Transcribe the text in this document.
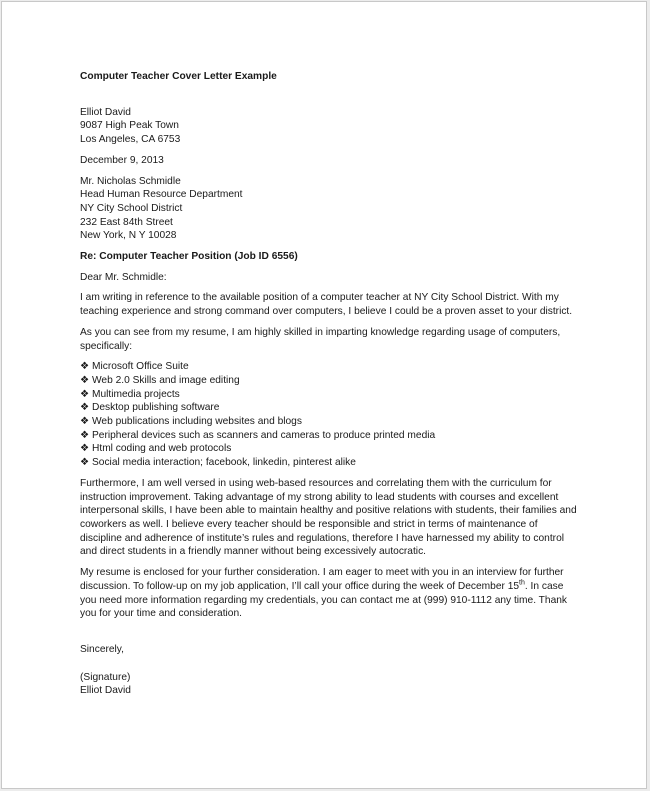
Computer Teacher Cover Letter Example
Elliot David
9087 High Peak Town
Los Angeles, CA 6753
December 9, 2013
Mr. Nicholas Schmidle
Head Human Resource Department
NY City School District
232 East 84th Street
New York, N Y 10028
Re: Computer Teacher Position (Job ID 6556)
Dear Mr. Schmidle:

I am writing in reference to the available position of a computer teacher at NY City School District. With my teaching experience and strong command over computers, I believe I could be a proven asset to your district.

As you can see from my resume, I am highly skilled in imparting knowledge regarding usage of computers, specifically:

❖ Microsoft Office Suite
❖ Web 2.0 Skills and image editing
❖ Multimedia projects
❖ Desktop publishing software
❖ Web publications including websites and blogs
❖ Peripheral devices such as scanners and cameras to produce printed media
❖ Html coding and web protocols
❖ Social media interaction; facebook, linkedin, pinterest alike

Furthermore, I am well versed in using web-based resources and correlating them with the curriculum for instruction improvement. Taking advantage of my strong ability to lead students with courses and excellent interpersonal skills, I have been able to maintain healthy and positive relations with students, their families and coworkers as well. I believe every teacher should be responsible and strict in terms of maintenance of discipline and adherence of institute’s rules and regulations, therefore I have harnessed my ability to control and direct students in a friendly manner without being excessively autocratic.

My resume is enclosed for your further consideration. I am eager to meet with you in an interview for further discussion. To follow-up on my job application, I’ll call your office during the week of December 15th. In case you need more information regarding my credentials, you can contact me at (999) 910-1112 any time. Thank you for your time and consideration.

Sincerely,
(Signature)
Elliot David
